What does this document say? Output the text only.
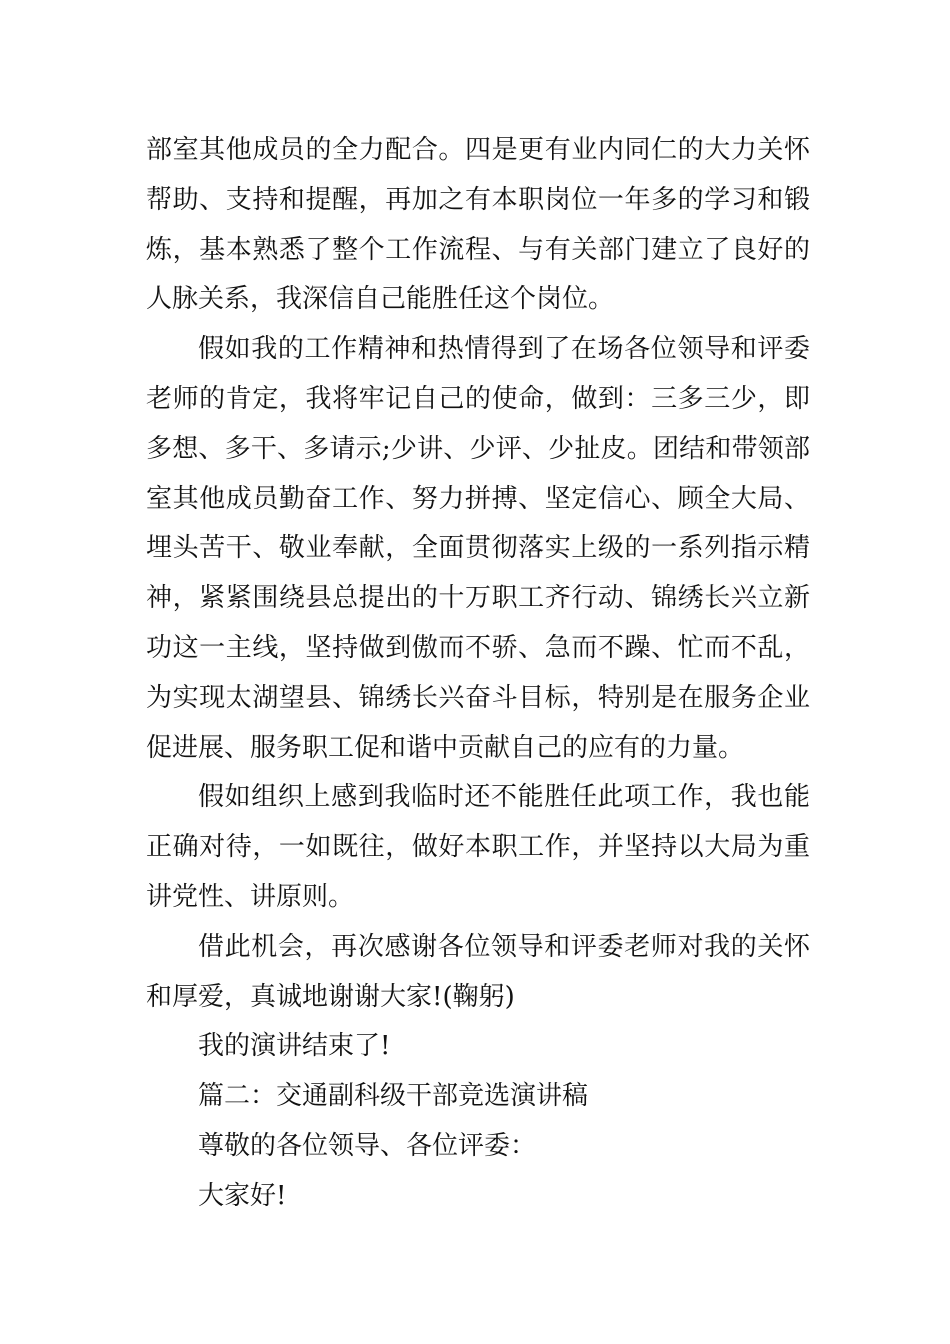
部室其他成员的全力配合。四是更有业内同仁的大力关怀帮助、支持和提醒，再加之有本职岗位一年多的学习和锻炼，基本熟悉了整个工作流程、与有关部门建立了良好的人脉关系，我深信自己能胜任这个岗位。

假如我的工作精神和热情得到了在场各位领导和评委老师的肯定，我将牢记自己的使命，做到：三多三少，即多想、多干、多请示;少讲、少评、少扯皮。团结和带领部室其他成员勤奋工作、努力拼搏、坚定信心、顾全大局、埋头苦干、敬业奉献，全面贯彻落实上级的一系列指示精神，紧紧围绕县总提出的十万职工齐行动、锦绣长兴立新功这一主线，坚持做到傲而不骄、急而不躁、忙而不乱，为实现太湖望县、锦绣长兴奋斗目标，特别是在服务企业促进展、服务职工促和谐中贡献自己的应有的力量。

假如组织上感到我临时还不能胜任此项工作，我也能正确对待，一如既往，做好本职工作，并坚持以大局为重讲党性、讲原则。

借此机会，再次感谢各位领导和评委老师对我的关怀和厚爱，真诚地谢谢大家!(鞠躬)

我的演讲结束了!

篇二：交通副科级干部竞选演讲稿

尊敬的各位领导、各位评委：

大家好!
